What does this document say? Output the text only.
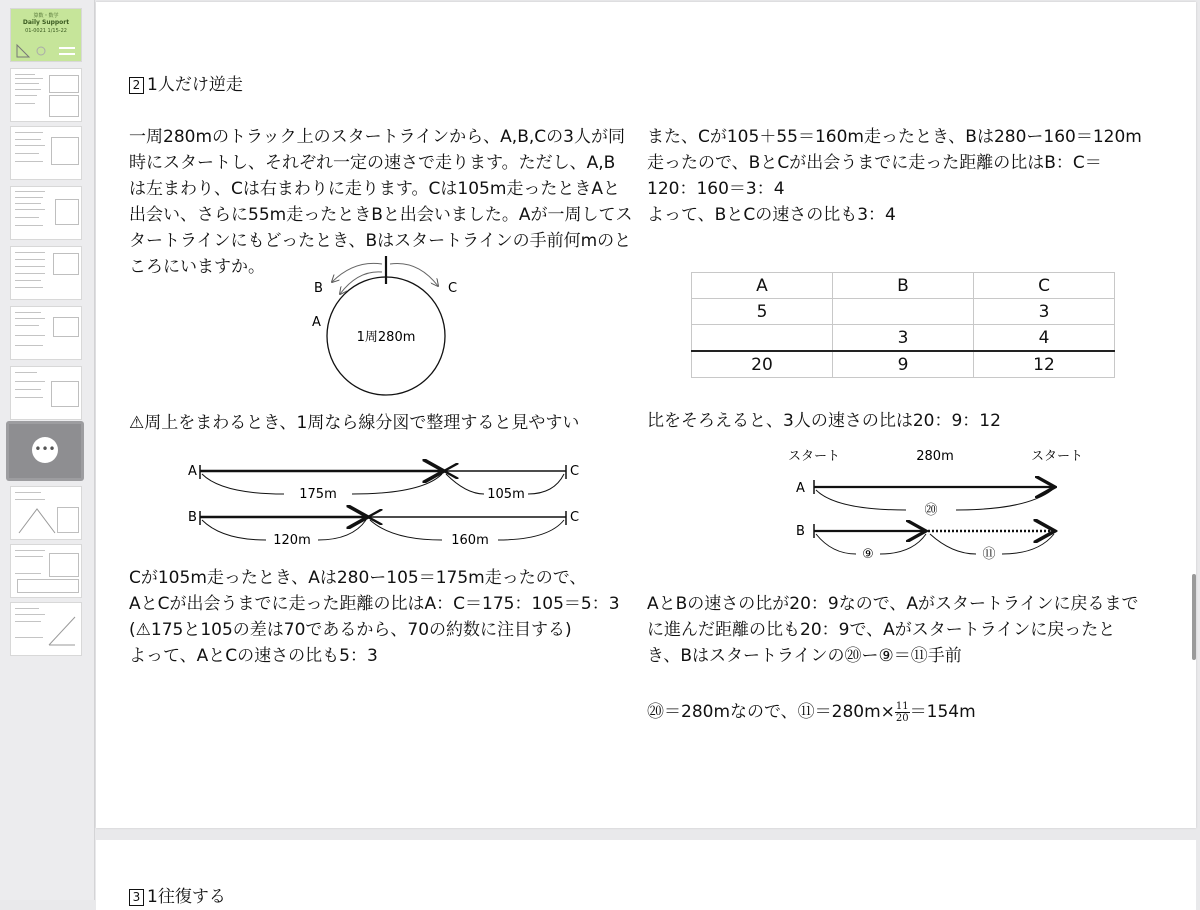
算数・数学
Daily Support
01-0021 1/15-22
•••
2 1人だけ逆走
一周280mのトラック上のスタートラインから、A,B,Cの3人が同
時にスタートし、それぞれ一定の速さで走ります。ただし、A,B
は左まわり、Cは右まわりに走ります。Cは105m走ったときAと
出会い、さらに55m走ったときBと出会いました。Aが一周してス
タートラインにもどったとき、Bはスタートラインの手前何mのと
ころにいますか。
B
A
C
1周280m
⚠周上をまわるとき、1周なら線分図で整理すると見やすい
A	C
175m	105m
B	C
120m	160m
Cが105m走ったとき、Aは280ー105＝175m走ったので、
AとCが出会うまでに走った距離の比はA：C＝175：105＝5：3
(⚠175と105の差は70であるから、70の約数に注目する)
よって、AとCの速さの比も5：3
また、Cが105＋55＝160m走ったとき、Bは280ー160＝120m
走ったので、BとCが出会うまでに走った距離の比はB：C＝
120：160＝3：4
よって、BとCの速さの比も3：4
比をそろえると、3人の速さの比は20：9：12
スタート	280m	スタート
A
⑳
B
⑨	⑪
AとBの速さの比が20：9なので、Aがスタートラインに戻るまで
に進んだ距離の比も20：9で、Aがスタートラインに戻ったと
き、Bはスタートラインの⑳ー⑨＝⑪手前
⑳＝280mなので、⑪＝280m× $\frac{11}{20} =154m$
A	B	C
5		3
	3	4
20	9	12
3 1往復する
